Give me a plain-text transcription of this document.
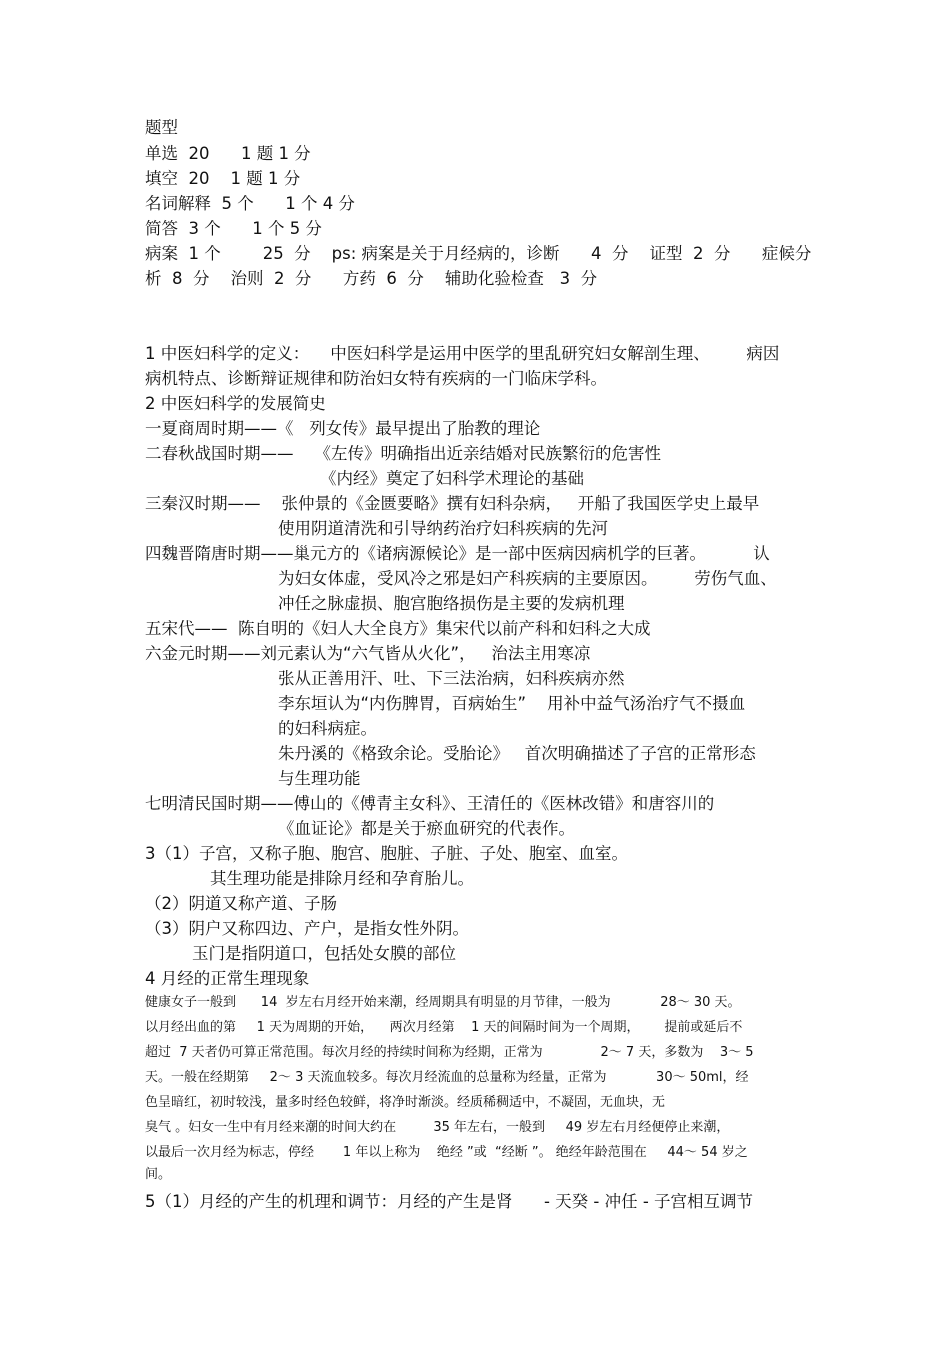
题型
单选  20      1 题 1 分
填空  20    1 题 1 分
名词解释  5 个      1 个 4 分
简答  3 个      1 个 5 分
病案  1 个        25  分    ps: 病案是关于月经病的，诊断      4  分    证型  2  分      症候分
析  8  分    治则  2  分      方药  6  分    辅助化验检查   3  分
1 中医妇科学的定义：    中医妇科学是运用中医学的里乱研究妇女解剖生理、       病因
病机特点、诊断辩证规律和防治妇女特有疾病的一门临床学科。
2 中医妇科学的发展简史
一夏商周时期——《   列女传》最早提出了胎教的理论
二春秋战国时期——    《左传》明确指出近亲结婚对民族繁衍的危害性
《内经》奠定了妇科学术理论的基础
三秦汉时期——    张仲景的《金匮要略》撰有妇科杂病，   开船了我国医学史上最早
使用阴道清洗和引导纳药治疗妇科疾病的先河
四魏晋隋唐时期——巢元方的《诸病源候论》是一部中医病因病机学的巨著。         认
为妇女体虚，受风冷之邪是妇产科疾病的主要原因。       劳伤气血、
冲任之脉虚损、胞宫胞络损伤是主要的发病机理
五宋代——  陈自明的《妇人大全良方》集宋代以前产科和妇科之大成
六金元时期——刘元素认为“六气皆从火化”，   治法主用寒凉
张从正善用汗、吐、下三法治病，妇科疾病亦然
李东垣认为“内伤脾胃，百病始生”    用补中益气汤治疗气不摄血
的妇科病症。
朱丹溪的《格致余论。受胎论》   首次明确描述了子宫的正常形态
与生理功能
七明清民国时期——傅山的《傅青主女科》、王清任的《医林改错》和唐容川的
《血证论》都是关于瘀血研究的代表作。
3（1）子宫，又称子胞、胞宫、胞脏、子脏、子处、胞室、血室。
其生理功能是排除月经和孕育胎儿。
（2）阴道又称产道、子肠
（3）阴户又称四边、产户，是指女性外阴。
玉门是指阴道口，包括处女膜的部位
4 月经的正常生理现象
健康女子一般到      14  岁左右月经开始来潮，经周期具有明显的月节律，一般为            28～ 30 天。
以月经出血的第     1 天为周期的开始，    两次月经第    1 天的间隔时间为一个周期，      提前或延后不
超过  7 天者仍可算正常范围。每次月经的持续时间称为经期，正常为              2～ 7 天，多数为    3～ 5
天。一般在经期第     2～ 3 天流血较多。每次月经流血的总量称为经量，正常为            30～ 50ml，经
色呈暗红，初时较浅，量多时经色较鲜，将净时渐淡。经质稀稠适中，不凝固，无血块，无
臭气 。妇女一生中有月经来潮的时间大约在         35 年左右，一般到     49 岁左右月经便停止来潮，
以最后一次月经为标志，停经       1 年以上称为    绝经 ”或  “经断 ”。 绝经年龄范围在     44～ 54 岁之
间。
5（1）月经的产生的机理和调节：月经的产生是肾      - 天癸 - 冲任 - 子宫相互调节
